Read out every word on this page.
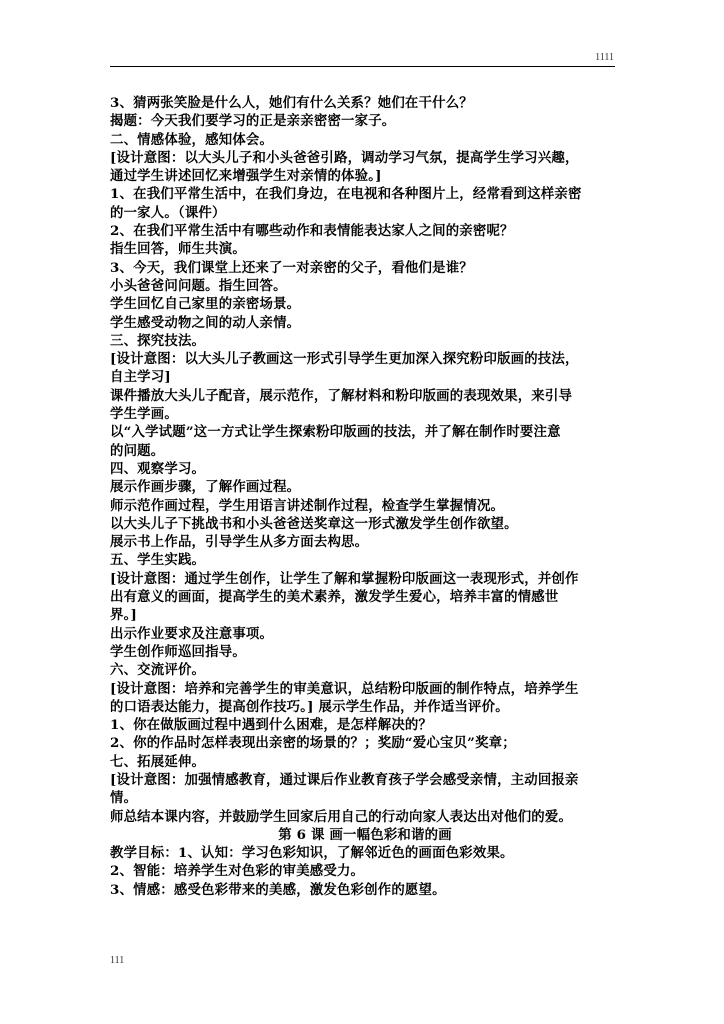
1111
3、猜两张笑脸是什么人，她们有什么关系？她们在干什么？
揭题：今天我们要学习的正是亲亲密密一家子。
二、情感体验，感知体会。
[设计意图：以大头儿子和小头爸爸引路，调动学习气氛，提高学生学习兴趣，
通过学生讲述回忆来增强学生对亲情的体验。]
1、在我们平常生活中，在我们身边，在电视和各种图片上，经常看到这样亲密
的一家人。（课件）
2、在我们平常生活中有哪些动作和表情能表达家人之间的亲密呢？
指生回答，师生共演。
3、今天，我们课堂上还来了一对亲密的父子，看他们是谁？
小头爸爸问问题。指生回答。
学生回忆自己家里的亲密场景。
学生感受动物之间的动人亲情。
三、探究技法。
[设计意图：以大头儿子教画这一形式引导学生更加深入探究粉印版画的技法，
自主学习]
课件播放大头儿子配音，展示范作，了解材料和粉印版画的表现效果，来引导
学生学画。
以“入学试题”这一方式让学生探索粉印版画的技法，并了解在制作时要注意
的问题。
四、观察学习。
展示作画步骤，了解作画过程。
师示范作画过程，学生用语言讲述制作过程，检查学生掌握情况。
以大头儿子下挑战书和小头爸爸送奖章这一形式激发学生创作欲望。
展示书上作品，引导学生从多方面去构思。
五、学生实践。
[设计意图：通过学生创作，让学生了解和掌握粉印版画这一表现形式，并创作
出有意义的画面，提高学生的美术素养，激发学生爱心，培养丰富的情感世
界。]
出示作业要求及注意事项。
学生创作师巡回指导。
六、交流评价。
[设计意图：培养和完善学生的审美意识，总结粉印版画的制作特点，培养学生
的口语表达能力，提高创作技巧。] 展示学生作品，并作适当评价。
1、你在做版画过程中遇到什么困难，是怎样解决的？
2、你的作品时怎样表现出亲密的场景的？；奖励“爱心宝贝”奖章；
七、拓展延伸。
[设计意图：加强情感教育，通过课后作业教育孩子学会感受亲情，主动回报亲
情。
师总结本课内容，并鼓励学生回家后用自己的行动向家人表达出对他们的爱。
第 6 课 画一幅色彩和谐的画
教学目标：1、认知：学习色彩知识，了解邻近色的画面色彩效果。
2、智能：培养学生对色彩的审美感受力。
3、情感：感受色彩带来的美感，激发色彩创作的愿望。
111
